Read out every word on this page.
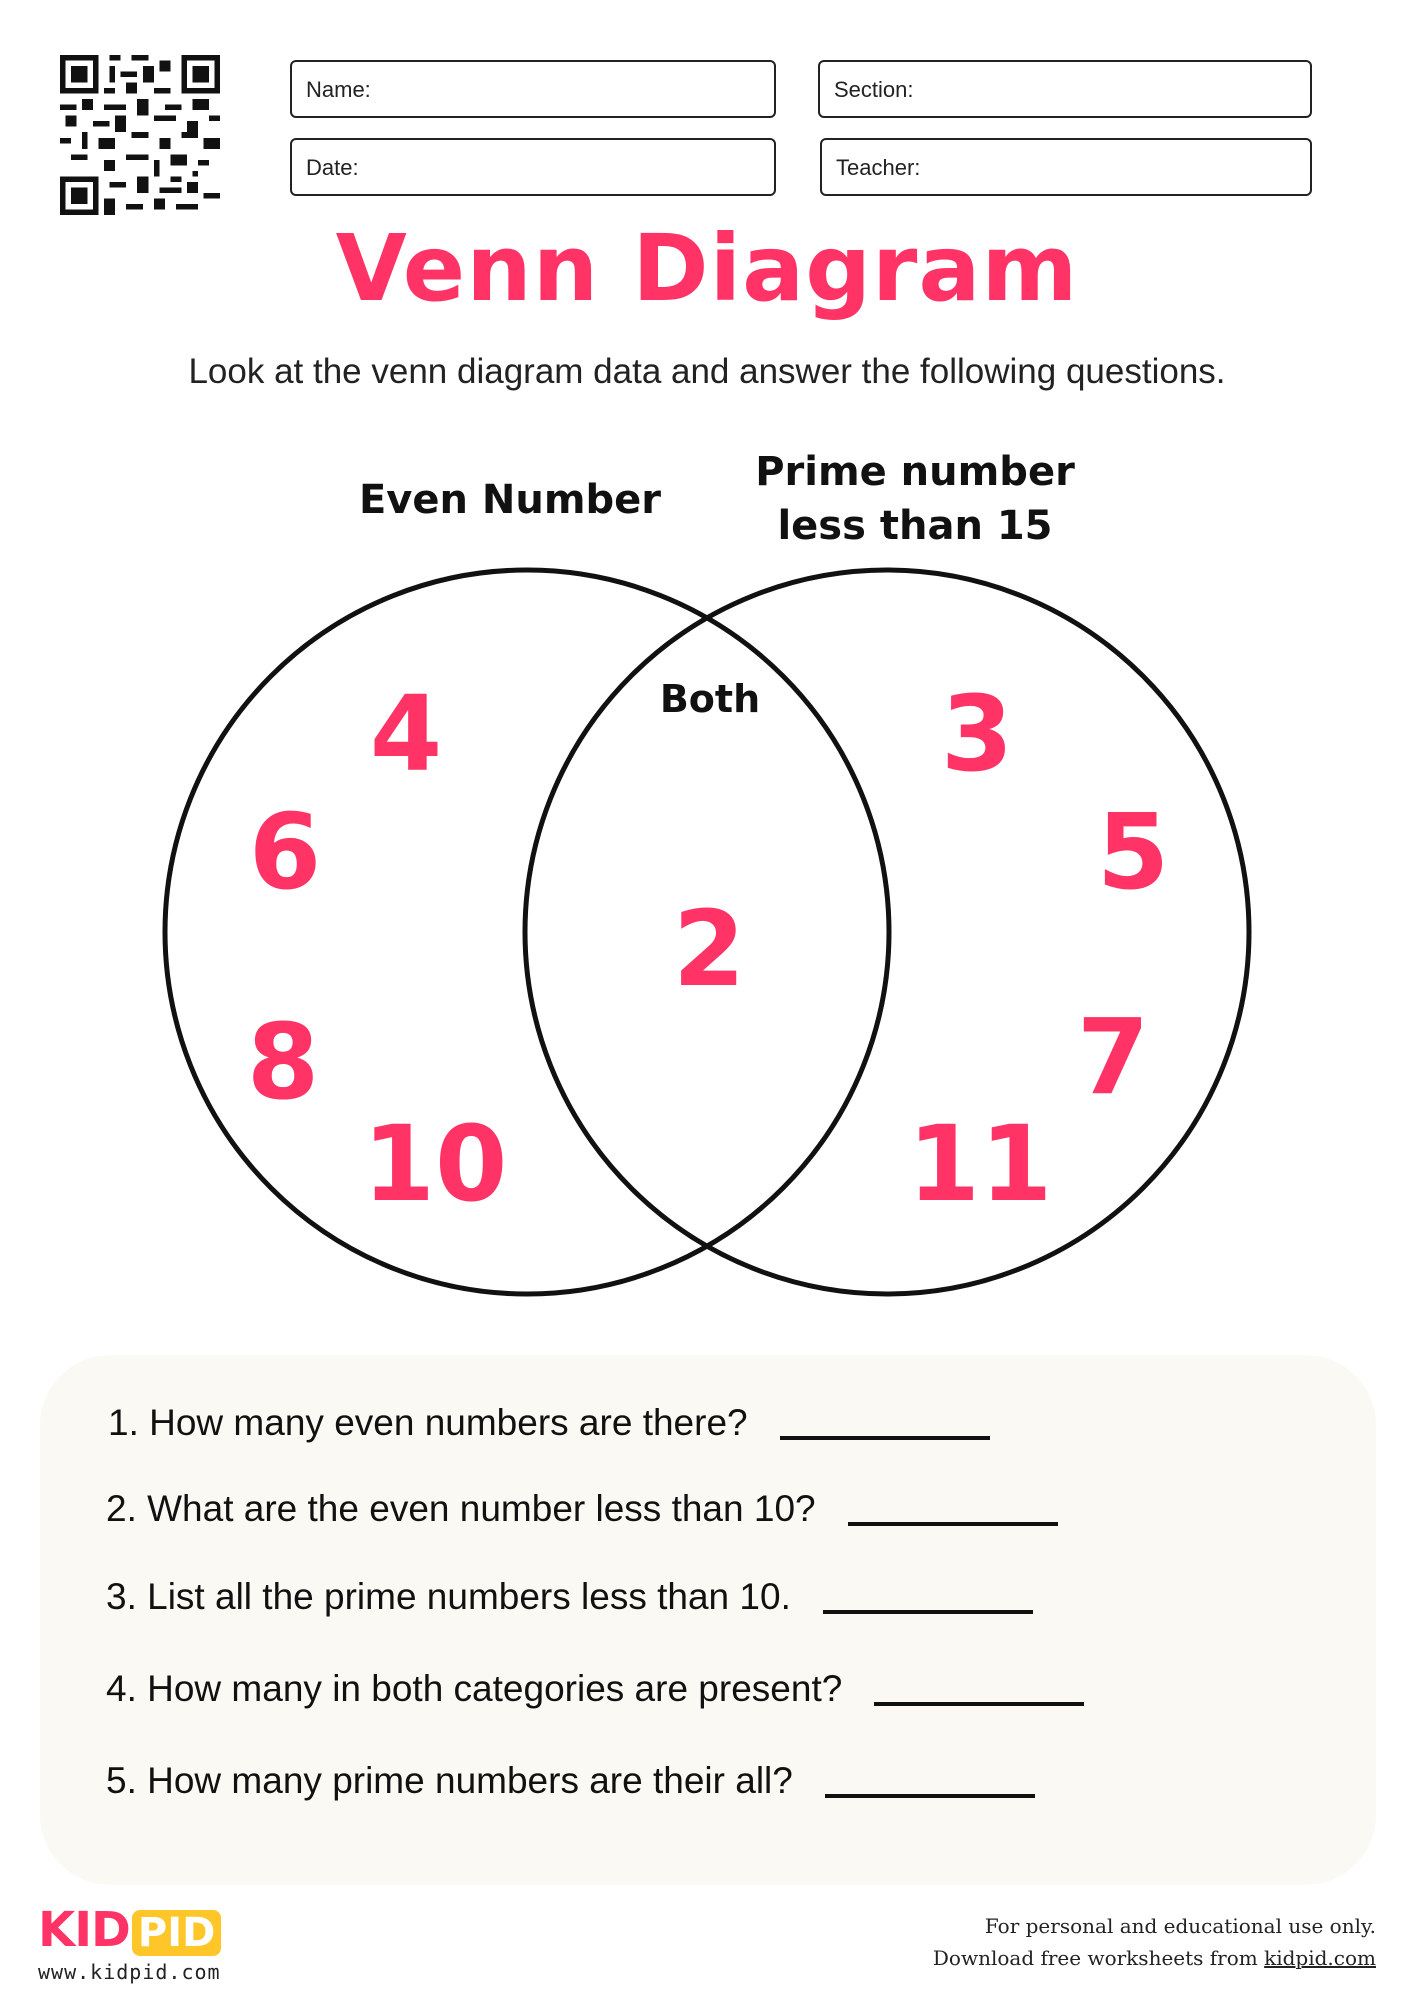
Name:	Section:
Date:	Teacher:
Venn Diagram
Look at the venn diagram data and answer the following questions.
Even Number
Prime number
less than 15
Both
4
6
8
10
2
3
5
7
11
1. How many even numbers are there?
2. What are the even number less than 10?
3. List all the prime numbers less than 10.
4. How many in both categories are present?
5. How many prime numbers are their all?
KID PID
www.kidpid.com
For personal and educational use only.
Download free worksheets from kidpid.com
